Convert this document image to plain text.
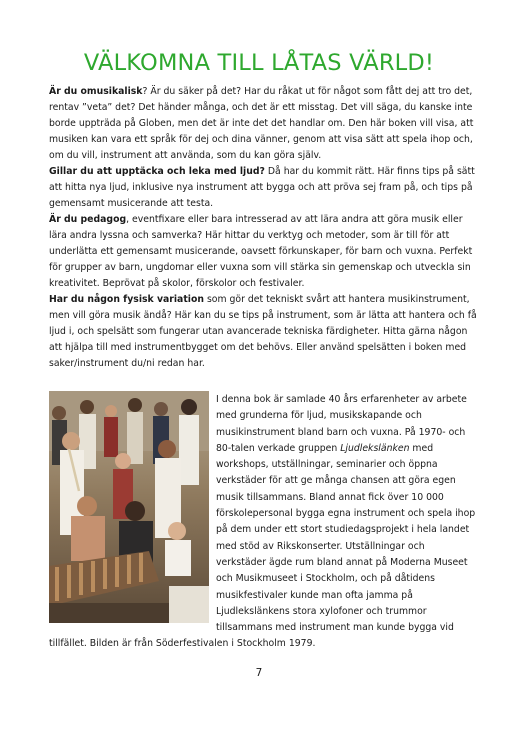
VÄLKOMNA TILL LÅTAS VÄRLD!

Är du omusikalisk? Är du säker på det? Har du råkat ut för något som fått dej att tro det, rentav ”veta” det? Det händer många, och det är ett misstag. Det vill säga, du kanske inte borde uppträda på Globen, men det är inte det det handlar om. Den här boken vill visa, att musiken kan vara ett språk för dej och dina vänner, genom att visa sätt att spela ihop och, om du vill, instrument att använda, som du kan göra själv.

Gillar du att upptäcka och leka med ljud? Då har du kommit rätt. Här finns tips på sätt att hitta nya ljud, inklusive nya instrument att bygga och att pröva sej fram på, och tips på gemensamt musicerande att testa.

Är du pedagog, eventfixare eller bara intresserad av att lära andra att göra musik eller lära andra lyssna och samverka? Här hittar du verktyg och metoder, som är till för att underlätta ett gemensamt musicerande, oavsett förkunskaper, för barn och vuxna. Perfekt för grupper av barn, ungdomar eller vuxna som vill stärka sin gemenskap och utveckla sin kreativitet. Beprövat på skolor, förskolor och festivaler.

Har du någon fysisk variation som gör det tekniskt svårt att hantera musikinstrument, men vill göra musik ändå? Här kan du se tips på instrument, som är lätta att hantera och få ljud i, och spelsätt som fungerar utan avancerade tekniska färdigheter. Hitta gärna någon att hjälpa till med instrumentbygget om det behövs. Eller använd spelsätten i boken med saker/instrument du/ni redan har.

I denna bok är samlade 40 års erfarenheter av arbete med grunderna för ljud, musikskapande och musikinstrument bland barn och vuxna. På 1970- och 80-talen verkade gruppen Ljudlekslänken med workshops, utställningar, seminarier och öppna verkstäder för att ge många chansen att göra egen musik tillsammans. Bland annat fick över 10 000 förskolepersonal bygga egna instrument och spela ihop på dem under ett stort studiedagsprojekt i hela landet med stöd av Rikskonserter. Utställningar och verkstäder ägde rum bland annat på Moderna Museet och Musikmuseet i Stockholm, och på dåtidens musikfestivaler kunde man ofta jamma på Ljudlekslänkens stora xylofoner och trummor tillsammans med instrument man kunde bygga vid tillfället. Bilden är från Söderfestivalen i Stockholm 1979.

7
